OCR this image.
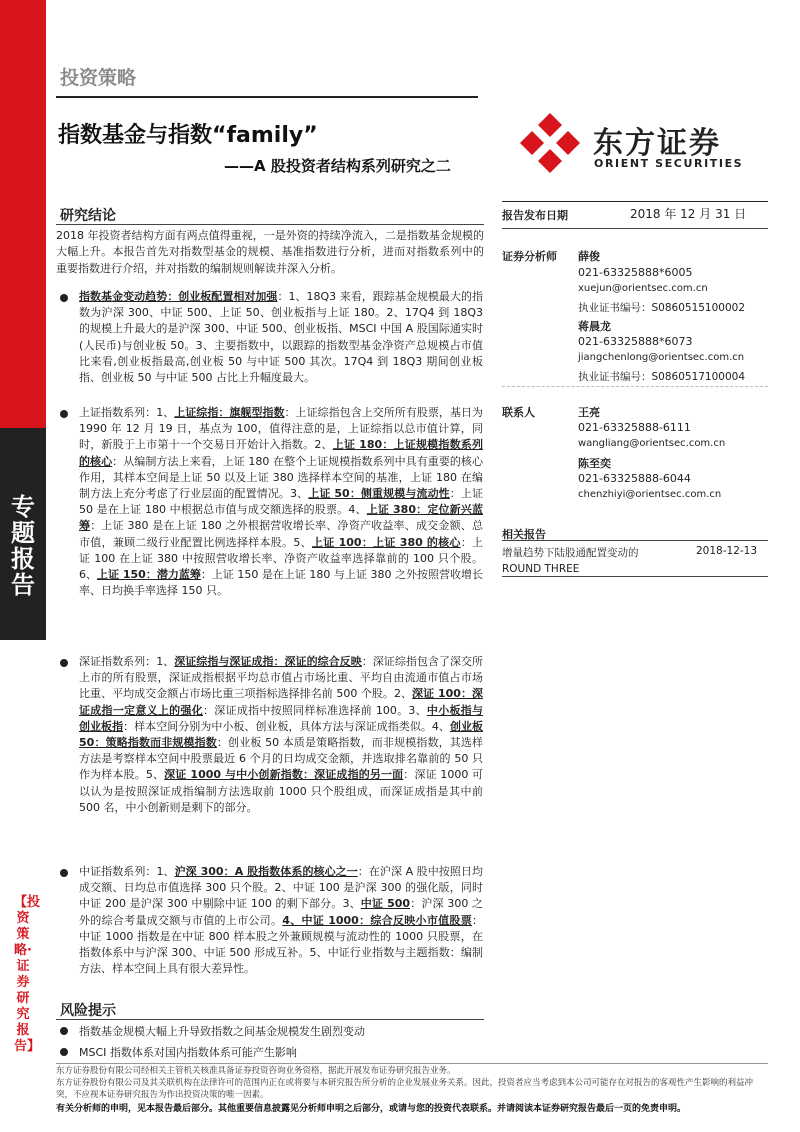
专题报告
【投资策略·证券研究报告】
投资策略
指数基金与指数“family”
——A 股投资者结构系列研究之二
东方证券
ORIENT SECURITIES
研究结论
2018 年投资者结构方面有两点值得重视，一是外资的持续净流入，二是指数基金规模的大幅上升。本报告首先对指数型基金的规模、基准指数进行分析，进而对指数系列中的重要指数进行介绍，并对指数的编制规则解读并深入分析。
指数基金变动趋势：创业板配置相对加强：1、18Q3 来看，跟踪基金规模最大的指数为沪深 300、中证 500、上证 50、创业板指与上证 180。2、17Q4 到 18Q3 的规模上升最大的是沪深 300、中证 500、创业板指、MSCI 中国 A 股国际通实时(人民币)与创业板 50。3、主要指数中，以跟踪的指数型基金净资产总规模占市值比来看,创业板指最高,创业板 50 与中证 500 其次。17Q4 到 18Q3 期间创业板指、创业板 50 与中证 500 占比上升幅度最大。
上证指数系列：1、上证综指：旗舰型指数：上证综指包含上交所所有股票，基日为 1990 年 12 月 19 日，基点为 100，值得注意的是，上证综指以总市值计算，同时，新股于上市第十一个交易日开始计入指数。2、上证 180：上证规模指数系列的核心：从编制方法上来看，上证 180 在整个上证规模指数系列中具有重要的核心作用，其样本空间是上证 50 以及上证 380 选择样本空间的基准，上证 180 在编制方法上充分考虑了行业层面的配置情况。3、上证 50：侧重规模与流动性：上证 50 是在上证 180 中根据总市值与成交额选择的股票。4、上证 380：定位新兴蓝筹：上证 380 是在上证 180 之外根据营收增长率、净资产收益率、成交金额、总市值，兼顾二级行业配置比例选择样本股。5、上证 100：上证 380 的核心：上证 100 在上证 380 中按照营收增长率、净资产收益率选择靠前的 100 只个股。6、上证 150：潜力蓝筹：上证 150 是在上证 180 与上证 380 之外按照营收增长率、日均换手率选择 150 只。
深证指数系列：1、深证综指与深证成指：深证的综合反映：深证综指包含了深交所上市的所有股票，深证成指根据平均总市值占市场比重、平均自由流通市值占市场比重、平均成交金额占市场比重三项指标选择排名前 500 个股。2、深证 100：深证成指一定意义上的强化：深证成指中按照同样标准选择前 100。3、中小板指与创业板指：样本空间分别为中小板、创业板，具体方法与深证成指类似。4、创业板 50：策略指数而非规模指数：创业板 50 本质是策略指数，而非规模指数，其选样方法是考察样本空间中股票最近 6 个月的日均成交金额，并选取排名靠前的 50 只作为样本股。5、深证 1000 与中小创新指数：深证成指的另一面：深证 1000 可以认为是按照深证成指编制方法选取前 1000 只个股组成，而深证成指是其中前 500 名，中小创新则是剩下的部分。
中证指数系列：1、沪深 300：A 股指数体系的核心之一：在沪深 A 股中按照日均成交额、日均总市值选择 300 只个股。2、中证 100 是沪深 300 的强化版，同时中证 200 是沪深 300 中剔除中证 100 的剩下部分。3、中证 500：沪深 300 之外的综合考量成交额与市值的上市公司。4、中证 1000：综合反映小市值股票：中证 1000 指数是在中证 800 样本股之外兼顾规模与流动性的 1000 只股票，在指数体系中与沪深 300、中证 500 形成互补。5、中证行业指数与主题指数：编制方法、样本空间上具有很大差异性。
风险提示
指数基金规模大幅上升导致指数之间基金规模发生剧烈变动
MSCI 指数体系对国内指数体系可能产生影响
报告发布日期	2018 年 12 月 31 日
证券分析师 薛俊
021-63325888*6005
xuejun@orientsec.com.cn
执业证书编号：S0860515100002
蒋晨龙
021-63325888*6073
jiangchenlong@orientsec.com.cn
执业证书编号：S0860517100004
联系人	王亮
021-63325888-6111
wangliang@orientsec.com.cn
陈至奕
021-63325888-6044
chenzhiyi@orientsec.com.cn
相关报告
增量趋势下陆股通配置变动的 ROUND THREE
2018-12-13
东方证券股份有限公司经相关主管机关核准具备证券投资咨询业务资格，据此开展发布证券研究报告业务。
东方证券股份有限公司及其关联机构在法律许可的范围内正在或将要与本研究报告所分析的企业发展业务关系。因此，投资者应当考虑到本公司可能存在对报告的客观性产生影响的利益冲突，不应视本证券研究报告为作出投资决策的唯一因素。
有关分析师的申明，见本报告最后部分。其他重要信息披露见分析师申明之后部分，或请与您的投资代表联系。并请阅读本证券研究报告最后一页的免责申明。
